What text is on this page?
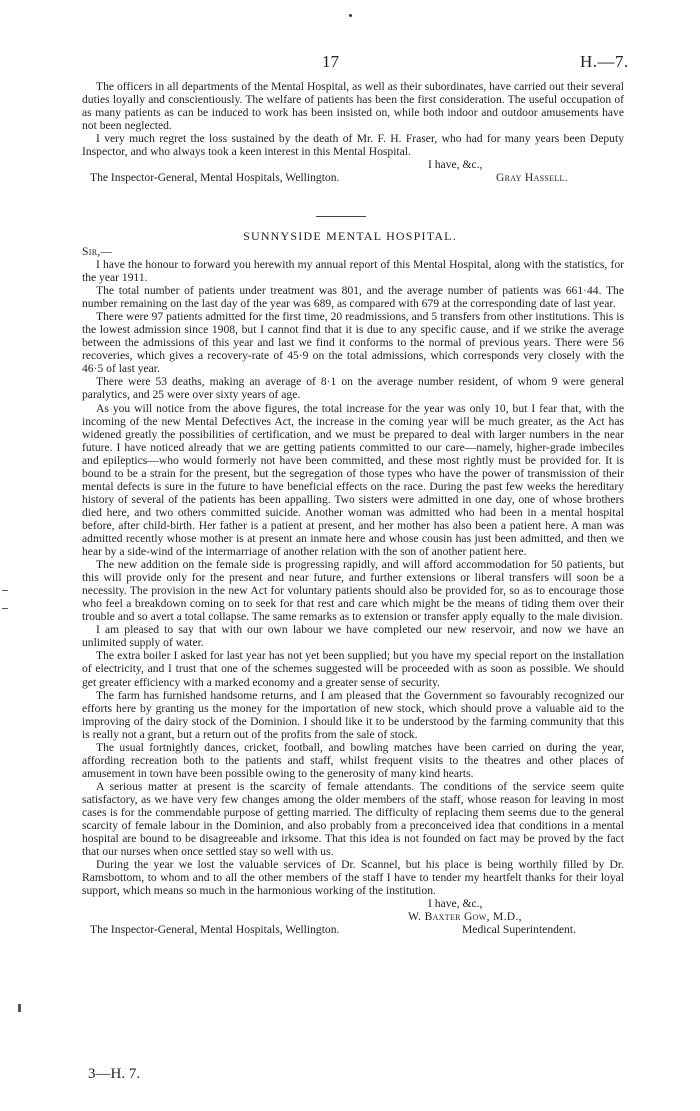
17	H.—7.

The officers in all departments of the Mental Hospital, as well as their subordinates, have carried out their several duties loyally and conscientiously. The welfare of patients has been the first consideration. The useful occupation of as many patients as can be induced to work has been insisted on, while both indoor and outdoor amusements have not been neglected.

I very much regret the loss sustained by the death of Mr. F. H. Fraser, who had for many years been Deputy Inspector, and who always took a keen interest in this Mental Hospital.

I have, &c.,
The Inspector-General, Mental Hospitals, Wellington.	Gray Hassell.
SUNNYSIDE MENTAL HOSPITAL.
Sir,—

I have the honour to forward you herewith my annual report of this Mental Hospital, along with the statistics, for the year 1911.

The total number of patients under treatment was 801, and the average number of patients was 661·44. The number remaining on the last day of the year was 689, as compared with 679 at the corresponding date of last year.

There were 97 patients admitted for the first time, 20 readmissions, and 5 transfers from other institutions. This is the lowest admission since 1908, but I cannot find that it is due to any specific cause, and if we strike the average between the admissions of this year and last we find it conforms to the normal of previous years. There were 56 recoveries, which gives a recovery-rate of 45·9 on the total admissions, which corresponds very closely with the 46·5 of last year.

There were 53 deaths, making an average of 8·1 on the average number resident, of whom 9 were general paralytics, and 25 were over sixty years of age.

As you will notice from the above figures, the total increase for the year was only 10, but I fear that, with the incoming of the new Mental Defectives Act, the increase in the coming year will be much greater, as the Act has widened greatly the possibilities of certification, and we must be prepared to deal with larger numbers in the near future. I have noticed already that we are getting patients committed to our care—namely, higher-grade imbeciles and epileptics—who would formerly not have been committed, and these most rightly must be provided for. It is bound to be a strain for the present, but the segregation of those types who have the power of transmission of their mental defects is sure in the future to have beneficial effects on the race. During the past few weeks the hereditary history of several of the patients has been appalling. Two sisters were admitted in one day, one of whose brothers died here, and two others committed suicide. Another woman was admitted who had been in a mental hospital before, after child-birth. Her father is a patient at present, and her mother has also been a patient here. A man was admitted recently whose mother is at present an inmate here and whose cousin has just been admitted, and then we hear by a side-wind of the intermarriage of another relation with the son of another patient here.

The new addition on the female side is progressing rapidly, and will afford accommodation for 50 patients, but this will provide only for the present and near future, and further extensions or liberal transfers will soon be a necessity. The provision in the new Act for voluntary patients should also be provided for, so as to encourage those who feel a breakdown coming on to seek for that rest and care which might be the means of tiding them over their trouble and so avert a total collapse. The same remarks as to extension or transfer apply equally to the male division.

I am pleased to say that with our own labour we have completed our new reservoir, and now we have an unlimited supply of water.

The extra boiler I asked for last year has not yet been supplied; but you have my special report on the installation of electricity, and I trust that one of the schemes suggested will be proceeded with as soon as possible. We should get greater efficiency with a marked economy and a greater sense of security.

The farm has furnished handsome returns, and I am pleased that the Government so favourably recognized our efforts here by granting us the money for the importation of new stock, which should prove a valuable aid to the improving of the dairy stock of the Dominion. I should like it to be understood by the farming community that this is really not a grant, but a return out of the profits from the sale of stock.

The usual fortnightly dances, cricket, football, and bowling matches have been carried on during the year, affording recreation both to the patients and staff, whilst frequent visits to the theatres and other places of amusement in town have been possible owing to the generosity of many kind hearts.

A serious matter at present is the scarcity of female attendants. The conditions of the service seem quite satisfactory, as we have very few changes among the older members of the staff, whose reason for leaving in most cases is for the commendable purpose of getting married. The difficulty of replacing them seems due to the general scarcity of female labour in the Dominion, and also probably from a preconceived idea that conditions in a mental hospital are bound to be disagreeable and irksome. That this idea is not founded on fact may be proved by the fact that our nurses when once settled stay so well with us.

During the year we lost the valuable services of Dr. Scannel, but his place is being worthily filled by Dr. Ramsbottom, to whom and to all the other members of the staff I have to tender my heartfelt thanks for their loyal support, which means so much in the harmonious working of the institution.

I have, &c.,
W. Baxter Gow, M.D.,
The Inspector-General, Mental Hospitals, Wellington.	Medical Superintendent.
3—H. 7.
